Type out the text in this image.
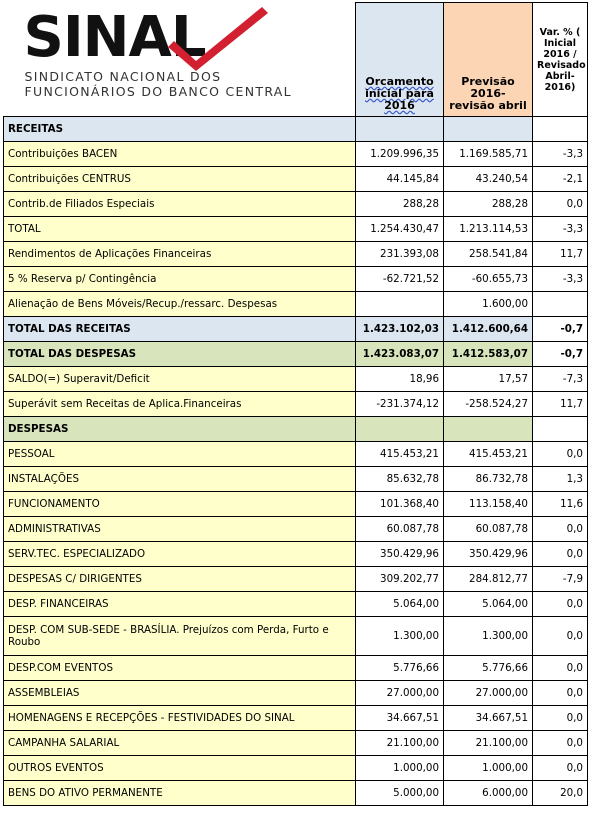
SINAL
SINDICATO NACIONAL DOS
FUNCIONÁRIOS DO BANCO CENTRAL	Orcamento inicial para 2016	Previsão 2016-revisão abril	Var. % ( Inicial 2016 / Revisado Abril-2016)
RECEITAS			
Contribuições BACEN	1.209.996,35	1.169.585,71	-3,3
Contribuições CENTRUS	44.145,84	43.240,54	-2,1
Contrib.de Filiados Especiais	288,28	288,28	0,0
TOTAL	1.254.430,47	1.213.114,53	-3,3
Rendimentos de Aplicações Financeiras	231.393,08	258.541,84	11,7
5 % Reserva p/ Contingência	-62.721,52	-60.655,73	-3,3
Alienação de Bens Móveis/Recup./ressarc. Despesas		1.600,00	
TOTAL DAS RECEITAS	1.423.102,03	1.412.600,64	-0,7
TOTAL DAS DESPESAS	1.423.083,07	1.412.583,07	-0,7
SALDO(=) Superavit/Deficit	18,96	17,57	-7,3
Superávit sem Receitas de Aplica.Financeiras	-231.374,12	-258.524,27	11,7
DESPESAS			
PESSOAL	415.453,21	415.453,21	0,0
INSTALAÇÕES	85.632,78	86.732,78	1,3
FUNCIONAMENTO	101.368,40	113.158,40	11,6
ADMINISTRATIVAS	60.087,78	60.087,78	0,0
SERV.TEC. ESPECIALIZADO	350.429,96	350.429,96	0,0
DESPESAS C/ DIRIGENTES	309.202,77	284.812,77	-7,9
DESP. FINANCEIRAS	5.064,00	5.064,00	0,0
DESP. COM SUB-SEDE - BRASÍLIA. Prejuízos com Perda, Furto e Roubo	1.300,00	1.300,00	0,0
DESP.COM EVENTOS	5.776,66	5.776,66	0,0
ASSEMBLEIAS	27.000,00	27.000,00	0,0
HOMENAGENS E RECEPÇÕES - FESTIVIDADES DO SINAL	34.667,51	34.667,51	0,0
CAMPANHA SALARIAL	21.100,00	21.100,00	0,0
OUTROS EVENTOS	1.000,00	1.000,00	0,0
BENS DO ATIVO PERMANENTE	5.000,00	6.000,00	20,0
